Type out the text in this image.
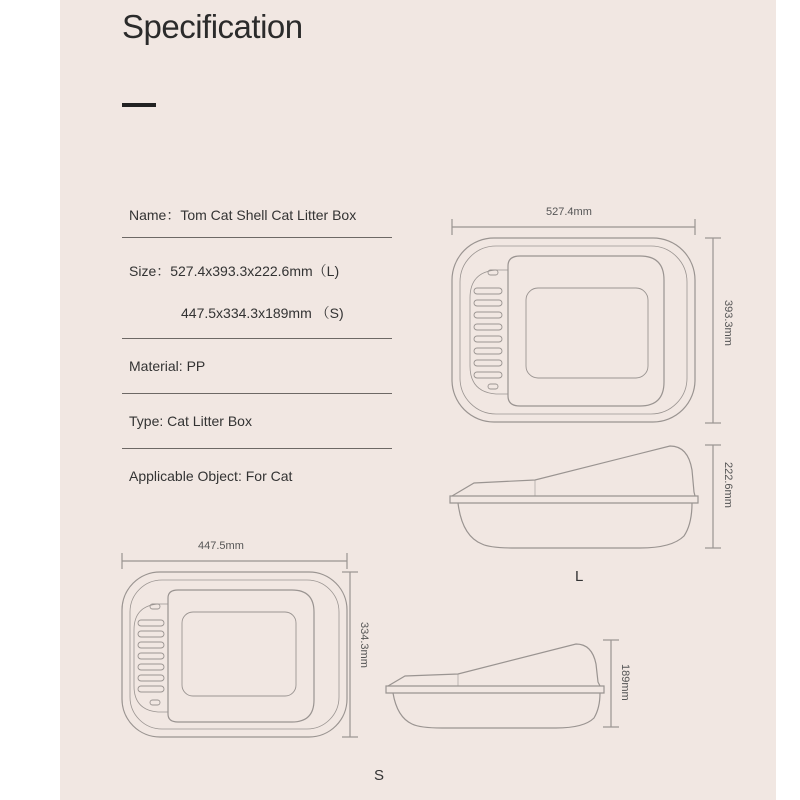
Specification
Name：Tom Cat Shell Cat Litter Box
Size：527.4x393.3x222.6mm（L)
447.5x334.3x189mm （S)
Material: PP
Type: Cat Litter Box
Applicable Object: For Cat
527.4mm
393.3mm
222.6mm
L
447.5mm
334.3mm
189mm
S
